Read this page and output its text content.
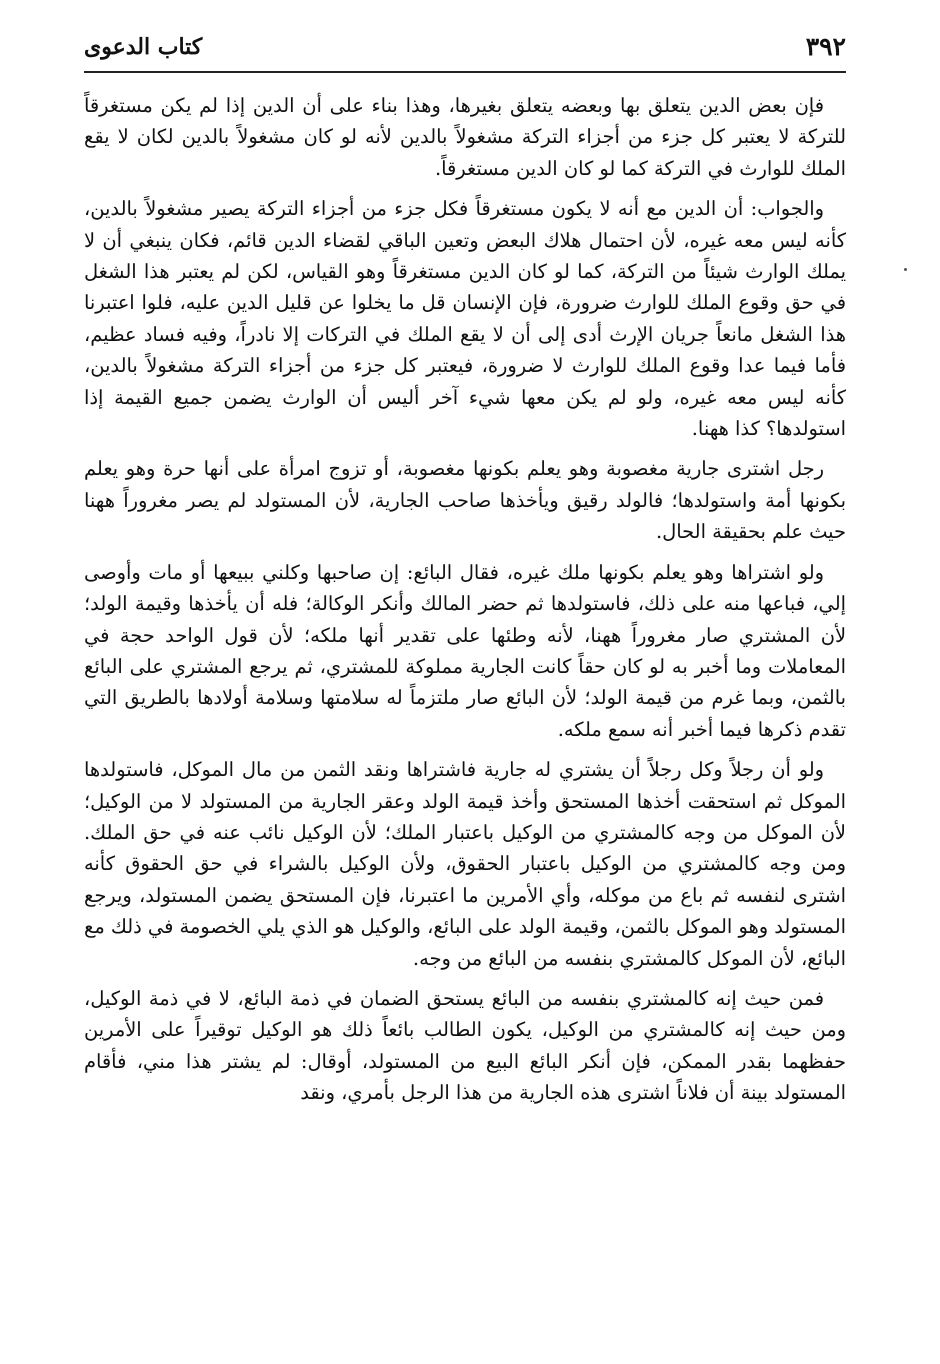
٣٩٢
كتاب الدعوى

فإن بعض الدين يتعلق بها وبعضه يتعلق بغيرها، وهذا بناء على أن الدين إذا لم يكن مستغرقاً للتركة لا يعتبر كل جزء من أجزاء التركة مشغولاً بالدين لأنه لو كان مشغولاً بالدين لكان لا يقع الملك للوارث في التركة كما لو كان الدين مستغرقاً.

والجواب: أن الدين مع أنه لا يكون مستغرقاً فكل جزء من أجزاء التركة يصير مشغولاً بالدين، كأنه ليس معه غيره، لأن احتمال هلاك البعض وتعين الباقي لقضاء الدين قائم، فكان ينبغي أن لا يملك الوارث شيئاً من التركة، كما لو كان الدين مستغرقاً وهو القياس، لكن لم يعتبر هذا الشغل في حق وقوع الملك للوارث ضرورة، فإن الإنسان قل ما يخلوا عن قليل الدين عليه، فلوا اعتبرنا هذا الشغل مانعاً جريان الإرث أدى إلى أن لا يقع الملك في التركات إلا نادراً، وفيه فساد عظيم، فأما فيما عدا وقوع الملك للوارث لا ضرورة، فيعتبر كل جزء من أجزاء التركة مشغولاً بالدين، كأنه ليس معه غيره، ولو لم يكن معها شيء آخر أليس أن الوارث يضمن جميع القيمة إذا استولدها؟ كذا ههنا.

رجل اشترى جارية مغصوبة وهو يعلم بكونها مغصوبة، أو تزوج امرأة على أنها حرة وهو يعلم بكونها أمة واستولدها؛ فالولد رقيق ويأخذها صاحب الجارية، لأن المستولد لم يصر مغروراً ههنا حيث علم بحقيقة الحال.

ولو اشتراها وهو يعلم بكونها ملك غيره، فقال البائع: إن صاحبها وكلني ببيعها أو مات وأوصى إلي، فباعها منه على ذلك، فاستولدها ثم حضر المالك وأنكر الوكالة؛ فله أن يأخذها وقيمة الولد؛ لأن المشتري صار مغروراً ههنا، لأنه وطئها على تقدير أنها ملكه؛ لأن قول الواحد حجة في المعاملات وما أخبر به لو كان حقاً كانت الجارية مملوكة للمشتري، ثم يرجع المشتري على البائع بالثمن، وبما غرم من قيمة الولد؛ لأن البائع صار ملتزماً له سلامتها وسلامة أولادها بالطريق التي تقدم ذكرها فيما أخبر أنه سمع ملكه.

ولو أن رجلاً وكل رجلاً أن يشتري له جارية فاشتراها ونقد الثمن من مال الموكل، فاستولدها الموكل ثم استحقت أخذها المستحق وأخذ قيمة الولد وعقر الجارية من المستولد لا من الوكيل؛ لأن الموكل من وجه كالمشتري من الوكيل باعتبار الملك؛ لأن الوكيل نائب عنه في حق الملك. ومن وجه كالمشتري من الوكيل باعتبار الحقوق، ولأن الوكيل بالشراء في حق الحقوق كأنه اشترى لنفسه ثم باع من موكله، وأي الأمرين ما اعتبرنا، فإن المستحق يضمن المستولد، ويرجع المستولد وهو الموكل بالثمن، وقيمة الولد على البائع، والوكيل هو الذي يلي الخصومة في ذلك مع البائع، لأن الموكل كالمشتري بنفسه من البائع من وجه.

فمن حيث إنه كالمشتري بنفسه من البائع يستحق الضمان في ذمة البائع، لا في ذمة الوكيل، ومن حيث إنه كالمشتري من الوكيل، يكون الطالب بائعاً ذلك هو الوكيل توقيراً على الأمرين حفظهما بقدر الممكن، فإن أنكر البائع البيع من المستولد، أوقال: لم يشتر هذا مني، فأقام المستولد بينة أن فلاناً اشترى هذه الجارية من هذا الرجل بأمري، ونقد
